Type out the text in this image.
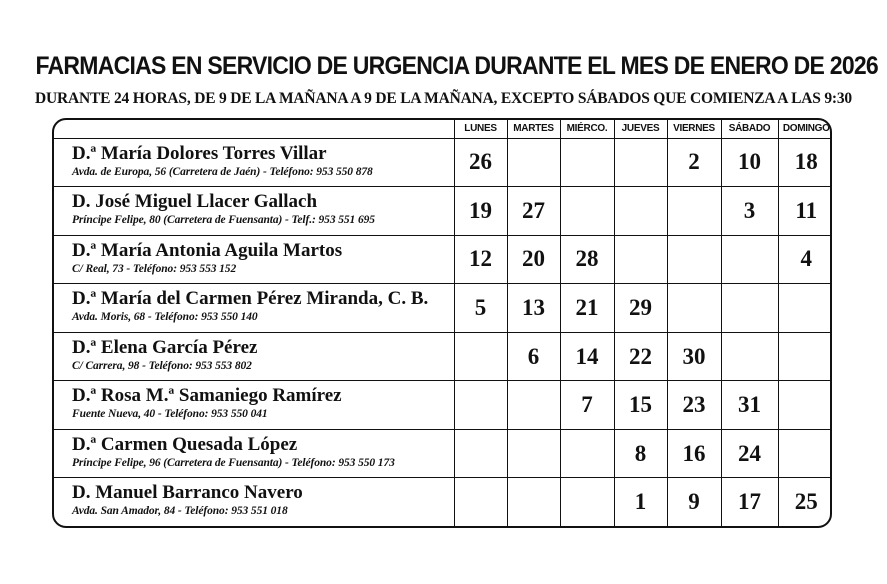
FARMACIAS EN SERVICIO DE URGENCIA DURANTE EL MES DE ENERO DE 2026
DURANTE 24 HORAS, DE 9 DE LA MAÑANA A 9 DE LA MAÑANA, EXCEPTO SÁBADOS QUE COMIENZA A LAS 9:30
	LUNES	MARTES	MIÉRCO.	JUEVES	VIERNES	SÁBADO	DOMINGO

D.ª María Dolores Torres Villar
Avda. de Europa, 56 (Carretera de Jaén) - Teléfono: 953 550 878	26				2	10	18

D. José Miguel Llacer Gallach
Príncipe Felipe, 80 (Carretera de Fuensanta) - Telf.: 953 551 695	19	27				3	11

D.ª María Antonia Aguila Martos
C/ Real, 73 - Teléfono: 953 553 152	12	20	28				4

D.ª María del Carmen Pérez Miranda, C. B.
Avda. Moris, 68 - Teléfono: 953 550 140	5	13	21	29			

D.ª Elena García Pérez
C/ Carrera, 98 - Teléfono: 953 553 802		6	14	22	30		

D.ª Rosa M.ª Samaniego Ramírez
Fuente Nueva, 40 - Teléfono: 953 550 041			7	15	23	31	

D.ª Carmen Quesada López
Príncipe Felipe, 96 (Carretera de Fuensanta) - Teléfono: 953 550 173				8	16	24	

D. Manuel Barranco Navero
Avda. San Amador, 84 - Teléfono: 953 551 018				1	9	17	25
